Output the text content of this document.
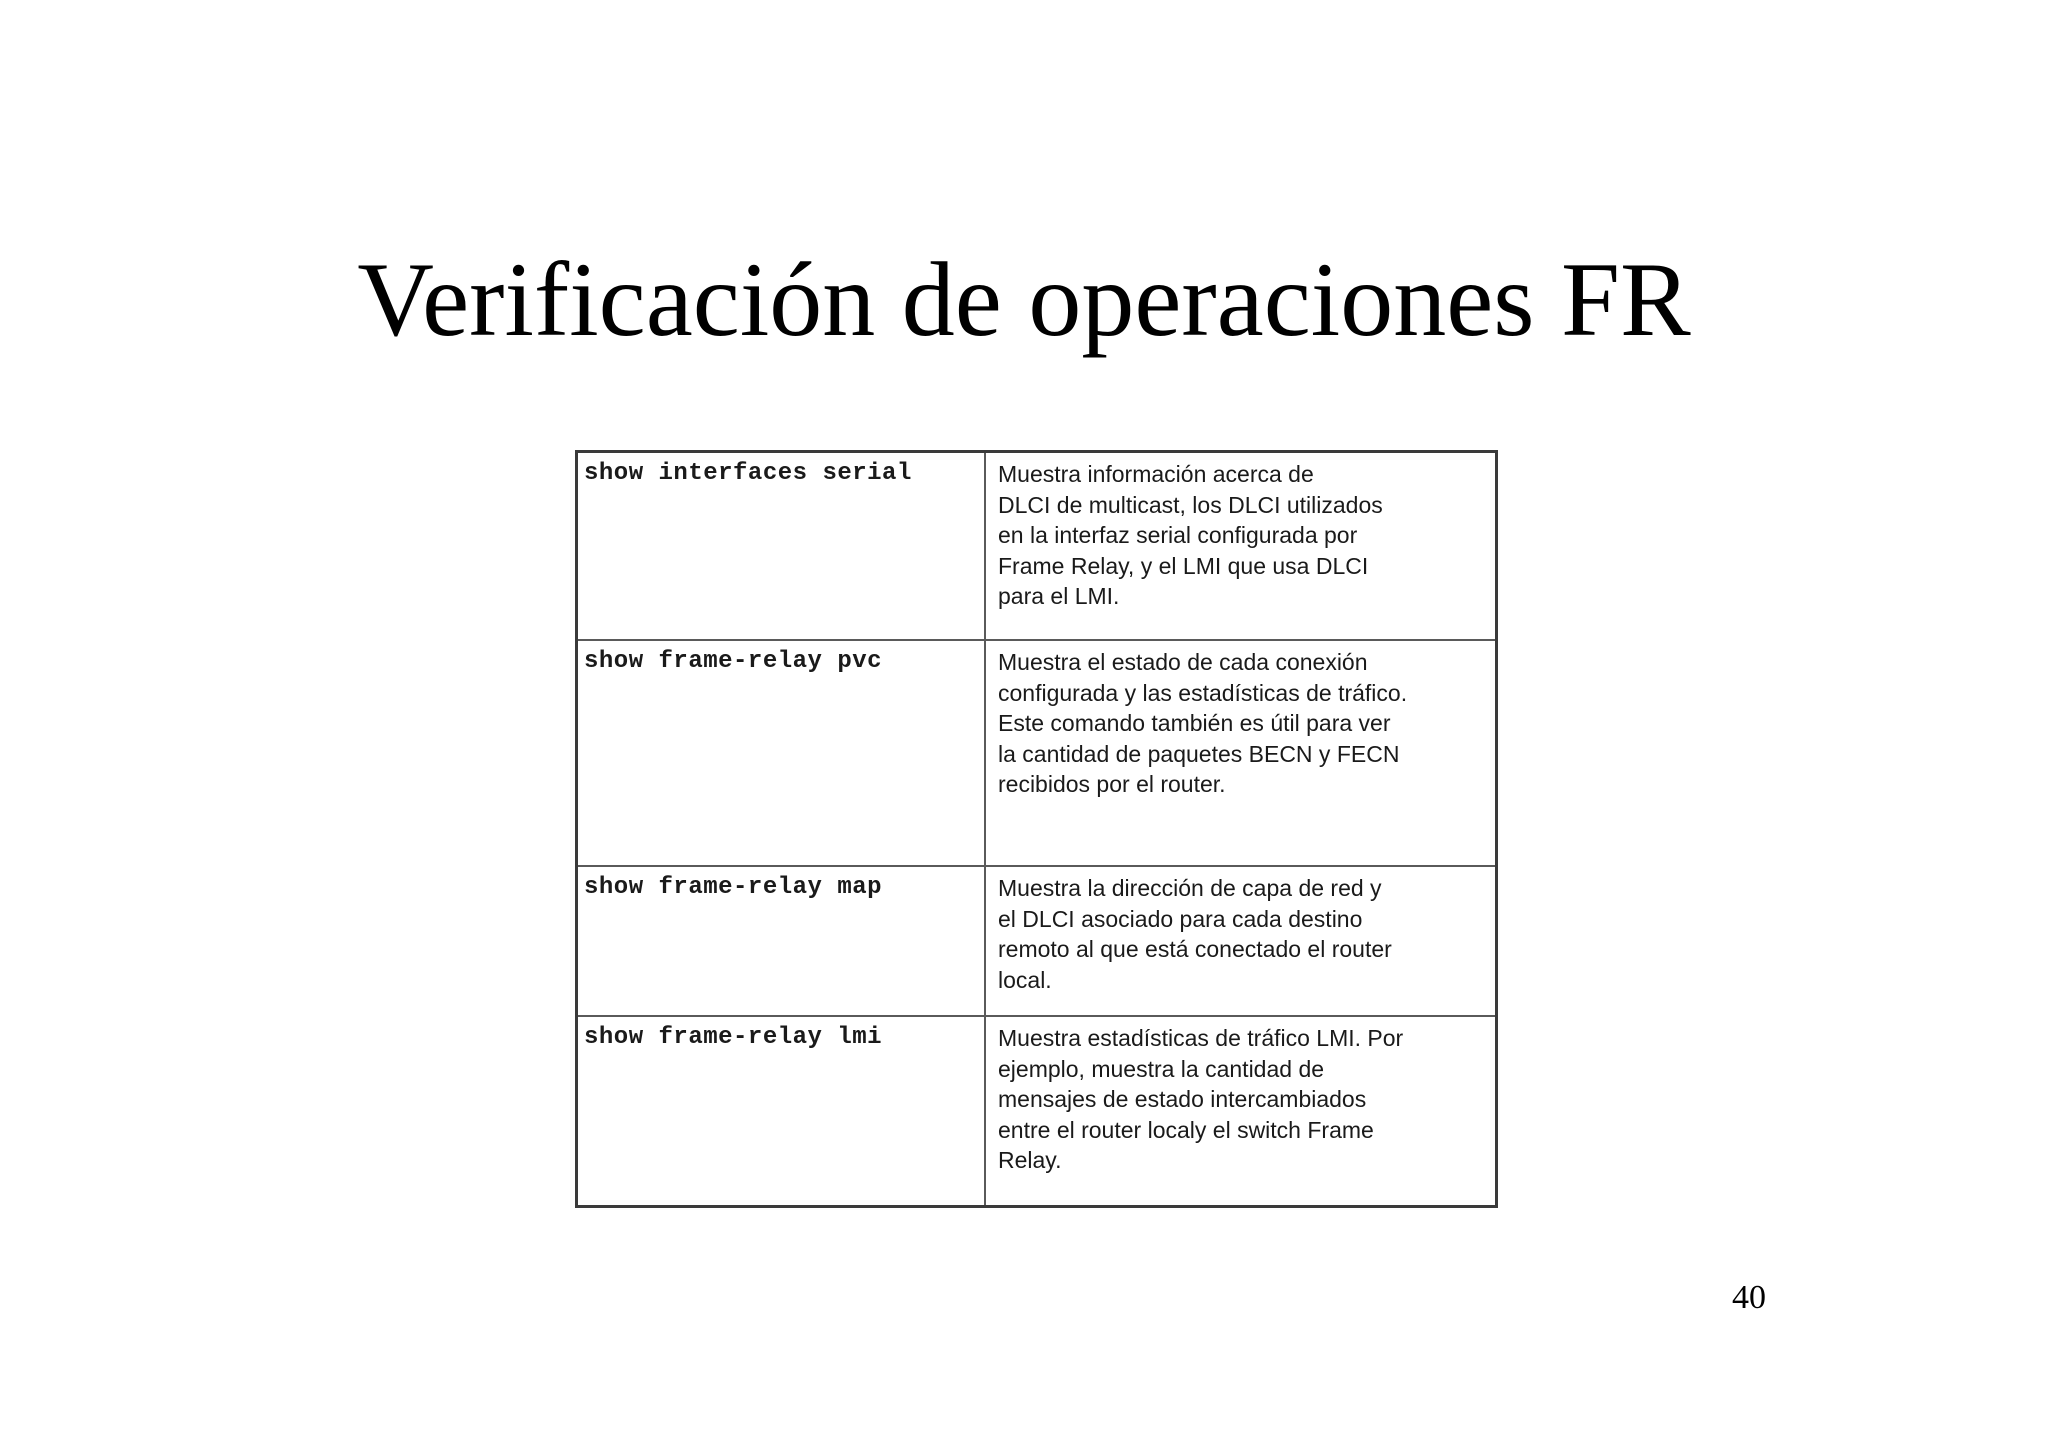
Verificación de operaciones FR
show interfaces serial	Muestra información acerca de
DLCI de multicast, los DLCI utilizados
en la interfaz serial configurada por
Frame Relay, y el LMI que usa DLCI
para el LMI.
show frame-relay pvc	Muestra el estado de cada conexión
configurada y las estadísticas de tráfico.
Este comando también es útil para ver
la cantidad de paquetes BECN y FECN
recibidos por el router.
show frame-relay map	Muestra la dirección de capa de red y
el DLCI asociado para cada destino
remoto al que está conectado el router
local.
show frame-relay lmi	Muestra estadísticas de tráfico LMI. Por
ejemplo, muestra la cantidad de
mensajes de estado intercambiados
entre el router localy el switch Frame
Relay.
40
